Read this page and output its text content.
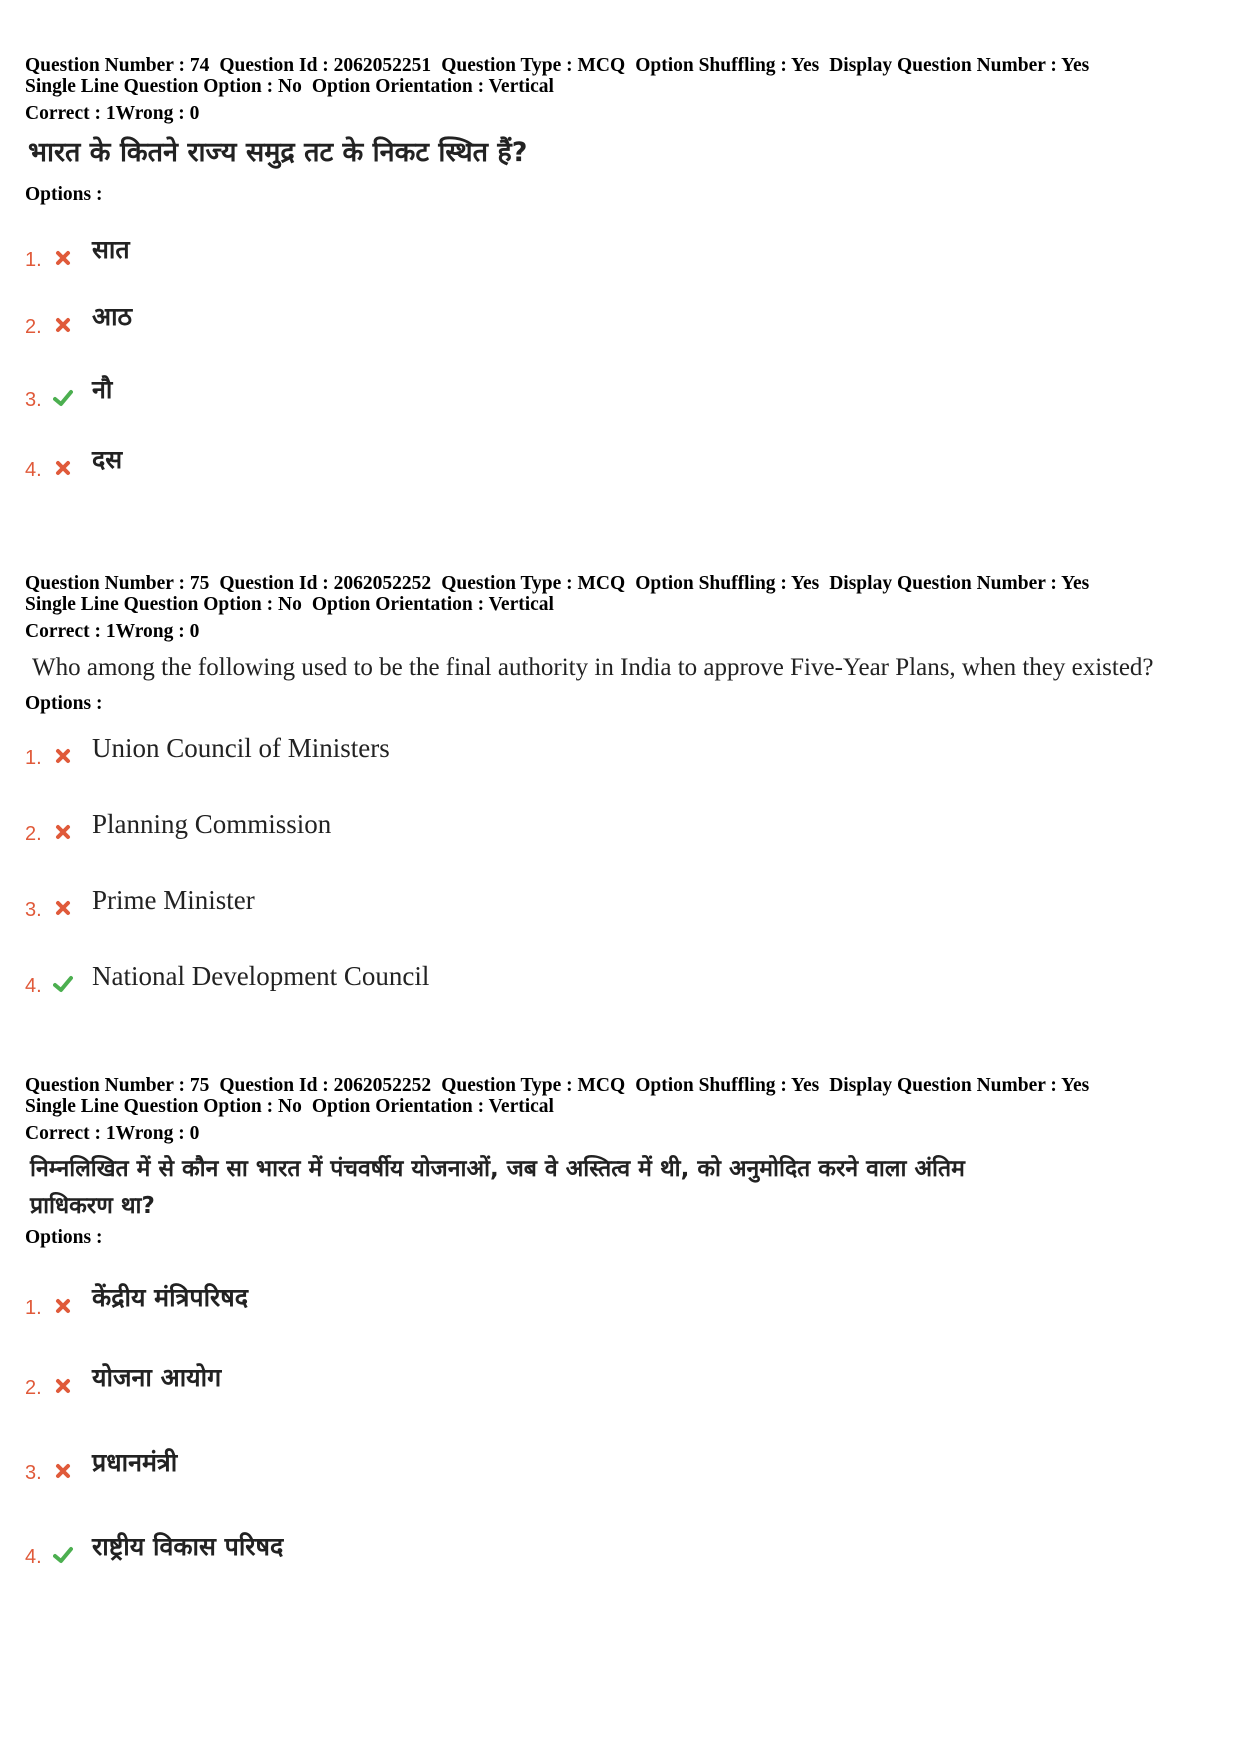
Question Number : 74 Question Id : 2062052251 Question Type : MCQ Option Shuffling : Yes Display Question Number : Yes
Single Line Question Option : No Option Orientation : Vertical
Correct : 1Wrong : 0
भारत के कितने राज्य समुद्र तट के निकट स्थित हैं?
Options :
1. सात
2. आठ
3. नौ
4. दस
Question Number : 75 Question Id : 2062052252 Question Type : MCQ Option Shuffling : Yes Display Question Number : Yes
Single Line Question Option : No Option Orientation : Vertical
Correct : 1Wrong : 0
Who among the following used to be the final authority in India to approve Five-Year Plans, when they existed?
Options :
1. Union Council of Ministers
2. Planning Commission
3. Prime Minister
4. National Development Council
Question Number : 75 Question Id : 2062052252 Question Type : MCQ Option Shuffling : Yes Display Question Number : Yes
Single Line Question Option : No Option Orientation : Vertical
Correct : 1Wrong : 0
निम्नलिखित में से कौन सा भारत में पंचवर्षीय योजनाओं, जब वे अस्तित्व में थी, को अनुमोदित करने वाला अंतिम
प्राधिकरण था?
Options :
1. केंद्रीय मंत्रिपरिषद
2. योजना आयोग
3. प्रधानमंत्री
4. राष्ट्रीय विकास परिषद
